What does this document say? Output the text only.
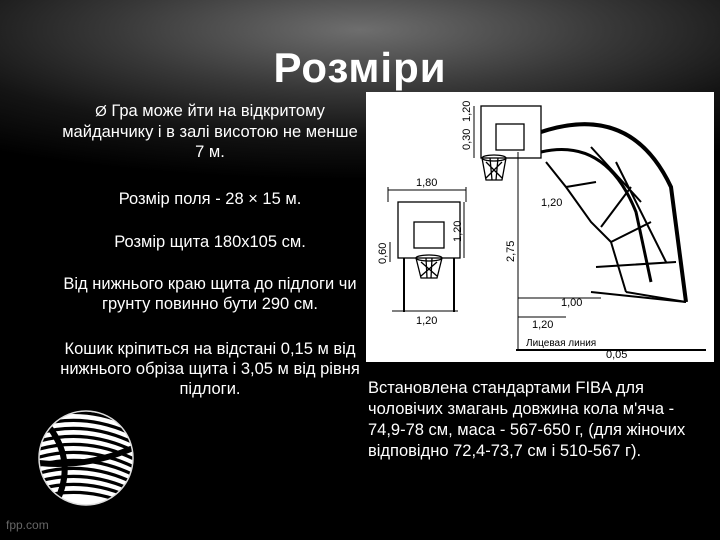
Розміри
Ø Гра може йти на відкритому майданчику і в залі висотою не менше 7 м.
Розмір поля - 28 × 15 м.
Розмір щита 180х105 см.
Від нижнього краю щита до підлоги чи грунту повинно бути 290 см.
Кошик кріпиться на відстані 0,15 м від нижнього обріза щита і 3,05 м від рівня підлоги.	Встановлена стандартами FIBA для чоловічих змагань довжина кола м'яча - 74,9-78 см, маса - 567-650 г, (для жіночих відповідно 72,4-73,7 см і 510-567 г).
1,80
1,20
1,20
1,00
1,20
0,05
Лицевая линия
0,30
1,20
0,60
1,20
2,75
fpp.com
